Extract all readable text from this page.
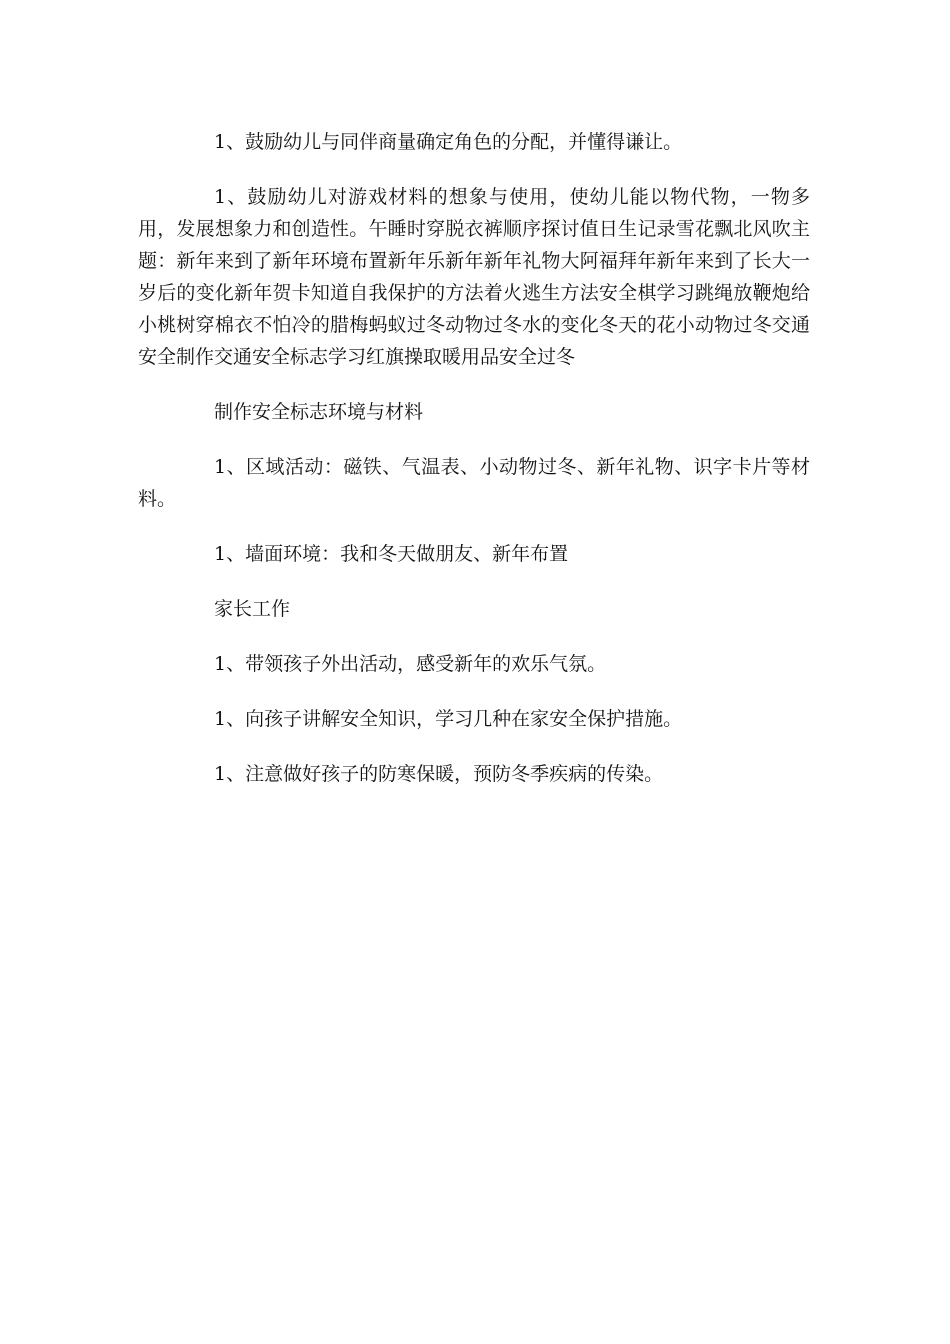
1、鼓励幼儿与同伴商量确定角色的分配，并懂得谦让。

1、鼓励幼儿对游戏材料的想象与使用，使幼儿能以物代物，一物多用，发展想象力和创造性。午睡时穿脱衣裤顺序探讨值日生记录雪花飘北风吹主题：新年来到了新年环境布置新年乐新年新年礼物大阿福拜年新年来到了长大一岁后的变化新年贺卡知道自我保护的方法着火逃生方法安全棋学习跳绳放鞭炮给小桃树穿棉衣不怕冷的腊梅蚂蚁过冬动物过冬水的变化冬天的花小动物过冬交通安全制作交通安全标志学习红旗操取暖用品安全过冬

制作安全标志环境与材料

1、区域活动：磁铁、气温表、小动物过冬、新年礼物、识字卡片等材料。

1、墙面环境：我和冬天做朋友、新年布置

家长工作

1、带领孩子外出活动，感受新年的欢乐气氛。

1、向孩子讲解安全知识，学习几种在家安全保护措施。

1、注意做好孩子的防寒保暖，预防冬季疾病的传染。
